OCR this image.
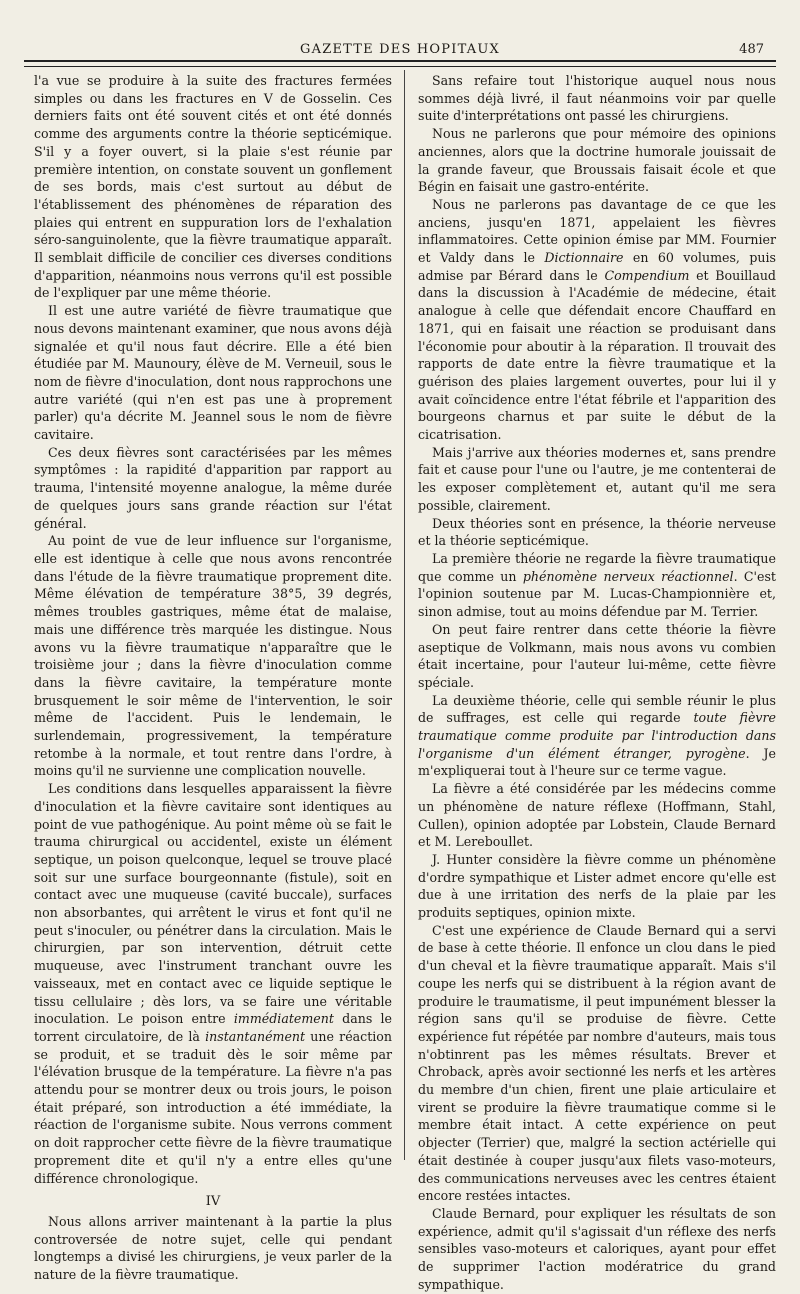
GAZETTE DES HOPITAUX	487

l'a vue se produire à la suite des fractures fermées simples ou dans les fractures en V de Gosselin. Ces derniers faits ont été souvent cités et ont été donnés comme des arguments contre la théorie septicémique. S'il y a foyer ouvert, si la plaie s'est réunie par première intention, on constate souvent un gonflement de ses bords, mais c'est surtout au début de l'établissement des phénomènes de réparation des plaies qui entrent en suppuration lors de l'exhalation séro-sanguinolente, que la fièvre traumatique apparaît. Il semblait difficile de concilier ces diverses conditions d'apparition, néanmoins nous verrons qu'il est possible de l'expliquer par une même théorie.

Il est une autre variété de fièvre traumatique que nous devons maintenant examiner, que nous avons déjà signalée et qu'il nous faut décrire. Elle a été bien étudiée par M. Maunoury, élève de M. Verneuil, sous le nom de fièvre d'inoculation, dont nous rapprochons une autre variété (qui n'en est pas une à proprement parler) qu'a décrite M. Jeannel sous le nom de fièvre cavitaire.

Ces deux fièvres sont caractérisées par les mêmes symptômes : la rapidité d'apparition par rapport au trauma, l'intensité moyenne analogue, la même durée de quelques jours sans grande réaction sur l'état général.

Au point de vue de leur influence sur l'organisme, elle est identique à celle que nous avons rencontrée dans l'étude de la fièvre traumatique proprement dite. Même élévation de température 38°5, 39 degrés, mêmes troubles gastriques, même état de malaise, mais une différence très marquée les distingue. Nous avons vu la fièvre traumatique n'apparaître que le troisième jour ; dans la fièvre d'inoculation comme dans la fièvre cavitaire, la température monte brusquement le soir même de l'intervention, le soir même de l'accident. Puis le lendemain, le surlendemain, progressivement, la température retombe à la normale, et tout rentre dans l'ordre, à moins qu'il ne survienne une complication nouvelle.

Les conditions dans lesquelles apparaissent la fièvre d'inoculation et la fièvre cavitaire sont identiques au point de vue pathogénique. Au point même où se fait le trauma chirurgical ou accidentel, existe un élément septique, un poison quelconque, lequel se trouve placé soit sur une surface bourgeonnante (fistule), soit en contact avec une muqueuse (cavité buccale), surfaces non absorbantes, qui arrêtent le virus et font qu'il ne peut s'inoculer, ou pénétrer dans la circulation. Mais le chirurgien, par son intervention, détruit cette muqueuse, avec l'instrument tranchant ouvre les vaisseaux, met en contact avec ce liquide septique le tissu cellulaire ; dès lors, va se faire une véritable inoculation. Le poison entre immédiatement dans le torrent circulatoire, de là instantanément une réaction se produit, et se traduit dès le soir même par l'élévation brusque de la température. La fièvre n'a pas attendu pour se montrer deux ou trois jours, le poison était préparé, son introduction a été immédiate, la réaction de l'organisme subite. Nous verrons comment on doit rapprocher cette fièvre de la fièvre traumatique proprement dite et qu'il n'y a entre elles qu'une différence chronologique.

IV

Nous allons arriver maintenant à la partie la plus controversée de notre sujet, celle qui pendant longtemps a divisé les chirurgiens, je veux parler de la nature de la fièvre traumatique.

Sans refaire tout l'historique auquel nous nous sommes déjà livré, il faut néanmoins voir par quelle suite d'interprétations ont passé les chirurgiens.

Nous ne parlerons que pour mémoire des opinions anciennes, alors que la doctrine humorale jouissait de la grande faveur, que Broussais faisait école et que Bégin en faisait une gastro-entérite.

Nous ne parlerons pas davantage de ce que les anciens, jusqu'en 1871, appelaient les fièvres inflammatoires. Cette opinion émise par MM. Fournier et Valdy dans le Dictionnaire en 60 volumes, puis admise par Bérard dans le Compendium et Bouillaud dans la discussion à l'Académie de médecine, était analogue à celle que défendait encore Chauffard en 1871, qui en faisait une réaction se produisant dans l'économie pour aboutir à la réparation. Il trouvait des rapports de date entre la fièvre traumatique et la guérison des plaies largement ouvertes, pour lui il y avait coïncidence entre l'état fébrile et l'apparition des bourgeons charnus et par suite le début de la cicatrisation.

Mais j'arrive aux théories modernes et, sans prendre fait et cause pour l'une ou l'autre, je me contenterai de les exposer complètement et, autant qu'il me sera possible, clairement.

Deux théories sont en présence, la théorie nerveuse et la théorie septicémique.

La première théorie ne regarde la fièvre traumatique que comme un phénomène nerveux réactionnel. C'est l'opinion soutenue par M. Lucas-Championnière et, sinon admise, tout au moins défendue par M. Terrier.

On peut faire rentrer dans cette théorie la fièvre aseptique de Volkmann, mais nous avons vu combien était incertaine, pour l'auteur lui-même, cette fièvre spéciale.

La deuxième théorie, celle qui semble réunir le plus de suffrages, est celle qui regarde toute fièvre traumatique comme produite par l'introduction dans l'organisme d'un élément étranger, pyrogène. Je m'expliquerai tout à l'heure sur ce terme vague.

La fièvre a été considérée par les médecins comme un phénomène de nature réflexe (Hoffmann, Stahl, Cullen), opinion adoptée par Lobstein, Claude Bernard et M. Lereboullet.

J. Hunter considère la fièvre comme un phénomène d'ordre sympathique et Lister admet encore qu'elle est due à une irritation des nerfs de la plaie par les produits septiques, opinion mixte.

C'est une expérience de Claude Bernard qui a servi de base à cette théorie. Il enfonce un clou dans le pied d'un cheval et la fièvre traumatique apparaît. Mais s'il coupe les nerfs qui se distribuent à la région avant de produire le traumatisme, il peut impunément blesser la région sans qu'il se produise de fièvre. Cette expérience fut répétée par nombre d'auteurs, mais tous n'obtinrent pas les mêmes résultats. Brever et Chroback, après avoir sectionné les nerfs et les artères du membre d'un chien, firent une plaie articulaire et virent se produire la fièvre traumatique comme si le membre était intact. A cette expérience on peut objecter (Terrier) que, malgré la section actérielle qui était destinée à couper jusqu'aux filets vaso-moteurs, des communications nerveuses avec les centres étaient encore restées intactes.

Claude Bernard, pour expliquer les résultats de son expérience, admit qu'il s'agissait d'un réflexe des nerfs sensibles vaso-moteurs et caloriques, ayant pour effet de supprimer l'action modératrice du grand sympathique.
